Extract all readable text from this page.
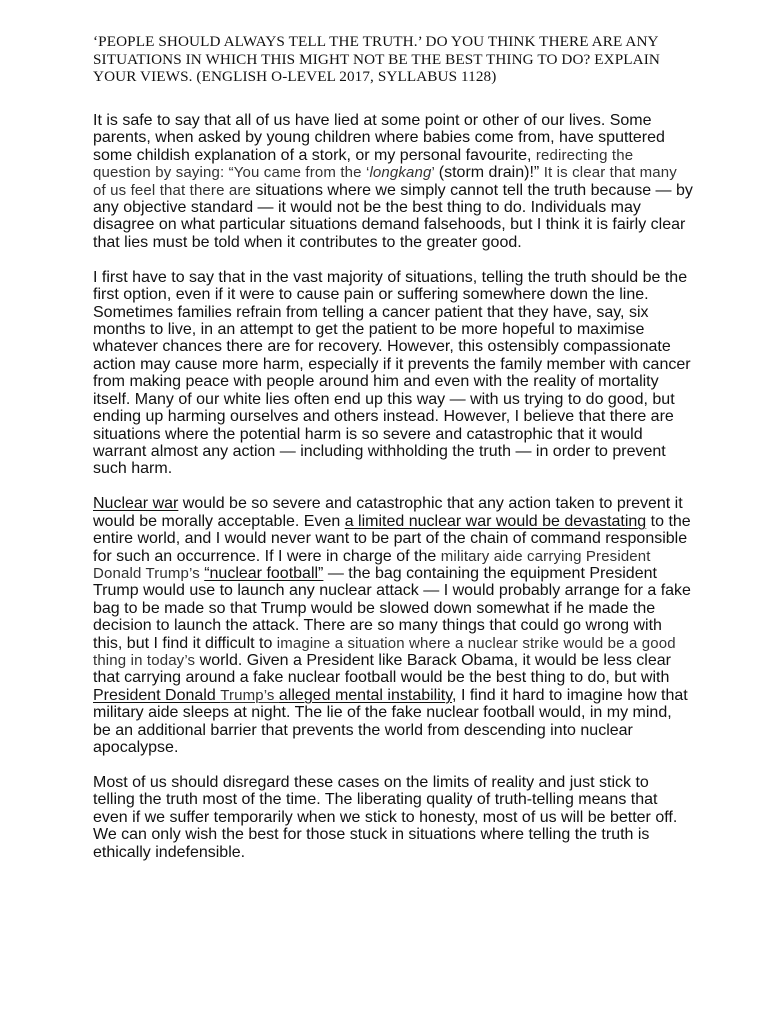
‘PEOPLE SHOULD ALWAYS TELL THE TRUTH.’ DO YOU THINK THERE ARE ANY SITUATIONS IN WHICH THIS MIGHT NOT BE THE BEST THING TO DO? EXPLAIN YOUR VIEWS. (ENGLISH O-LEVEL 2017, SYLLABUS 1128)

It is safe to say that all of us have lied at some point or other of our lives. Some parents, when asked by young children where babies come from, have sputtered some childish explanation of a stork, or my personal favourite, redirecting the question by saying: “You came from the ‘longkang’ (storm drain)!” It is clear that many of us feel that there are situations where we simply cannot tell the truth because — by any objective standard — it would not be the best thing to do. Individuals may disagree on what particular situations demand falsehoods, but I think it is fairly clear that lies must be told when it contributes to the greater good.

I first have to say that in the vast majority of situations, telling the truth should be the first option, even if it were to cause pain or suffering somewhere down the line. Sometimes families refrain from telling a cancer patient that they have, say, six months to live, in an attempt to get the patient to be more hopeful to maximise whatever chances there are for recovery. However, this ostensibly compassionate action may cause more harm, especially if it prevents the family member with cancer from making peace with people around him and even with the reality of mortality itself. Many of our white lies often end up this way — with us trying to do good, but ending up harming ourselves and others instead. However, I believe that there are situations where the potential harm is so severe and catastrophic that it would warrant almost any action — including withholding the truth — in order to prevent such harm.

Nuclear war would be so severe and catastrophic that any action taken to prevent it would be morally acceptable. Even a limited nuclear war would be devastating to the entire world, and I would never want to be part of the chain of command responsible for such an occurrence. If I were in charge of the military aide carrying President Donald Trump’s “nuclear football” — the bag containing the equipment President Trump would use to launch any nuclear attack — I would probably arrange for a fake bag to be made so that Trump would be slowed down somewhat if he made the decision to launch the attack. There are so many things that could go wrong with this, but I find it difficult to imagine a situation where a nuclear strike would be a good thing in today’s world. Given a President like Barack Obama, it would be less clear that carrying around a fake nuclear football would be the best thing to do, but with President Donald Trump’s alleged mental instability, I find it hard to imagine how that military aide sleeps at night. The lie of the fake nuclear football would, in my mind, be an additional barrier that prevents the world from descending into nuclear apocalypse.

Most of us should disregard these cases on the limits of reality and just stick to telling the truth most of the time. The liberating quality of truth-telling means that even if we suffer temporarily when we stick to honesty, most of us will be better off. We can only wish the best for those stuck in situations where telling the truth is ethically indefensible.
